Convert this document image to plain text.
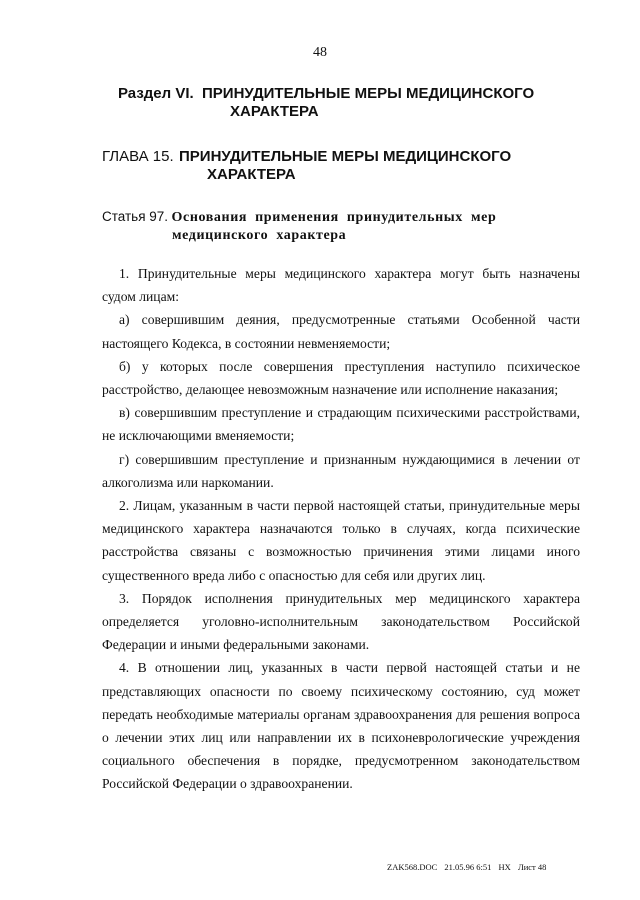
48
Раздел VI. ПРИНУДИТЕЛЬНЫЕ МЕРЫ МЕДИЦИНСКОГО
ХАРАКТЕРА
ГЛАВА 15. ПРИНУДИТЕЛЬНЫЕ МЕРЫ МЕДИЦИНСКОГО
ХАРАКТЕРА
Статья 97. Основания применения принудительных мер
медицинского характера

1. Принудительные меры медицинского характера могут быть назначены судом лицам:

а) совершившим деяния, предусмотренные статьями Особенной части настоящего Кодекса, в состоянии невменяемости;

б) у которых после совершения преступления наступило психическое расстройство, делающее невозможным назначение или исполнение наказания;

в) совершившим преступление и страдающим психическими расстройствами, не исключающими вменяемости;

г) совершившим преступление и признанным нуждающимися в лечении от алкоголизма или наркомании.

2. Лицам, указанным в части первой настоящей статьи, принудительные меры медицинского характера назначаются только в случаях, когда психические расстройства связаны с возможностью причинения этими лицами иного существенного вреда либо с опасностью для себя или других лиц.

3. Порядок исполнения принудительных мер медицинского характера определяется уголовно-исполнительным законодательством Российской Федерации и иными федеральными законами.

4. В отношении лиц, указанных в части первой настоящей статьи и не представляющих опасности по своему психическому состоянию, суд может передать необходимые материалы органам здравоохранения для решения вопроса о лечении этих лиц или направлении их в психоневрологические учреждения социального обеспечения в порядке, предусмотренном законодательством Российской Федерации о здравоохранении.

ZAK568.DOC 21.05.96 6:51 НХ Лист 48
